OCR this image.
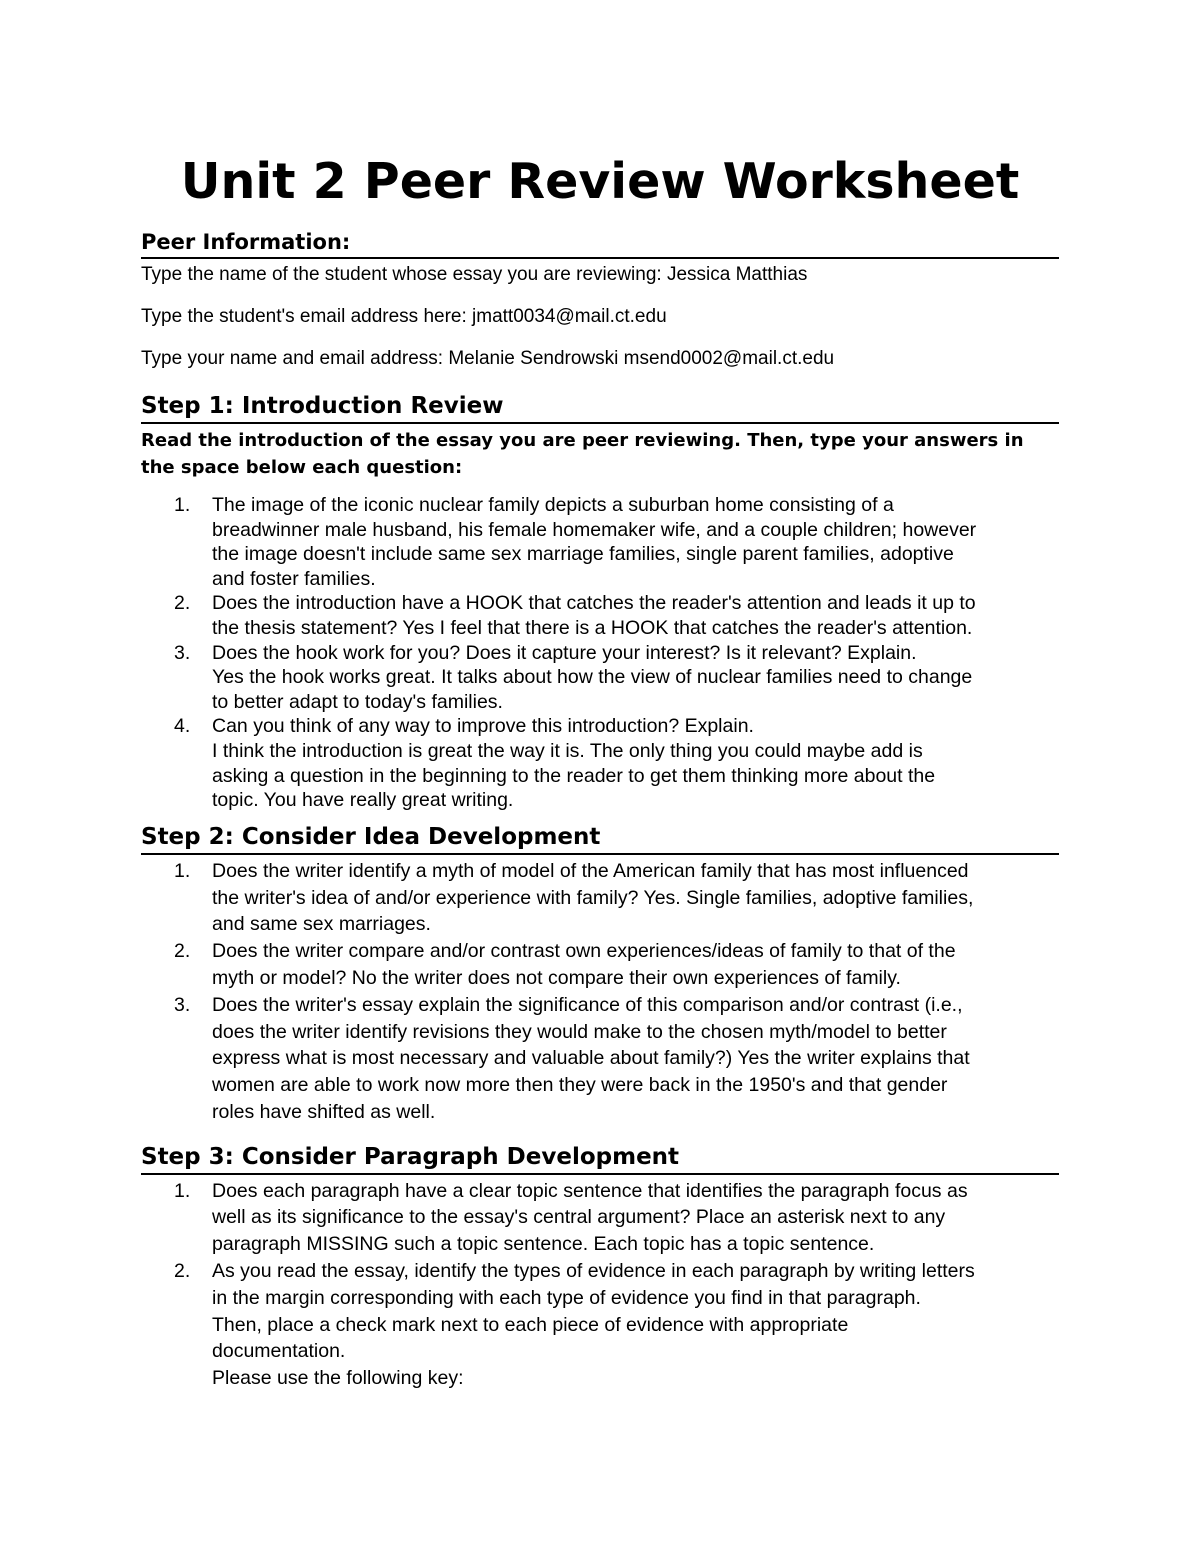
Unit 2 Peer Review Worksheet
Peer Information:

Type the name of the student whose essay you are reviewing: Jessica Matthias

Type the student's email address here: jmatt0034@mail.ct.edu

Type your name and email address: Melanie Sendrowski msend0002@mail.ct.edu

Step 1: Introduction Review

Read the introduction of the essay you are peer reviewing. Then, type your answers in

the space below each question:

1. The image of the iconic nuclear family depicts a suburban home consisting of a
breadwinner male husband, his female homemaker wife, and a couple children; however
the image doesn't include same sex marriage families, single parent families, adoptive
and foster families.
2. Does the introduction have a HOOK that catches the reader's attention and leads it up to
the thesis statement? Yes I feel that there is a HOOK that catches the reader's attention.
3. Does the hook work for you? Does it capture your interest? Is it relevant? Explain.
Yes the hook works great. It talks about how the view of nuclear families need to change
to better adapt to today's families.
4. Can you think of any way to improve this introduction? Explain.
I think the introduction is great the way it is. The only thing you could maybe add is
asking a question in the beginning to the reader to get them thinking more about the
topic. You have really great writing.
Step 2: Consider Idea Development
1. Does the writer identify a myth of model of the American family that has most influenced
the writer's idea of and/or experience with family? Yes. Single families, adoptive families,
and same sex marriages.
2. Does the writer compare and/or contrast own experiences/ideas of family to that of the
myth or model? No the writer does not compare their own experiences of family.
3. Does the writer's essay explain the significance of this comparison and/or contrast (i.e.,
does the writer identify revisions they would make to the chosen myth/model to better
express what is most necessary and valuable about family?) Yes the writer explains that
women are able to work now more then they were back in the 1950's and that gender
roles have shifted as well.
Step 3: Consider Paragraph Development
1. Does each paragraph have a clear topic sentence that identifies the paragraph focus as
well as its significance to the essay's central argument? Place an asterisk next to any
paragraph MISSING such a topic sentence. Each topic has a topic sentence.
2. As you read the essay, identify the types of evidence in each paragraph by writing letters
in the margin corresponding with each type of evidence you find in that paragraph.
Then, place a check mark next to each piece of evidence with appropriate
documentation.
Please use the following key:
